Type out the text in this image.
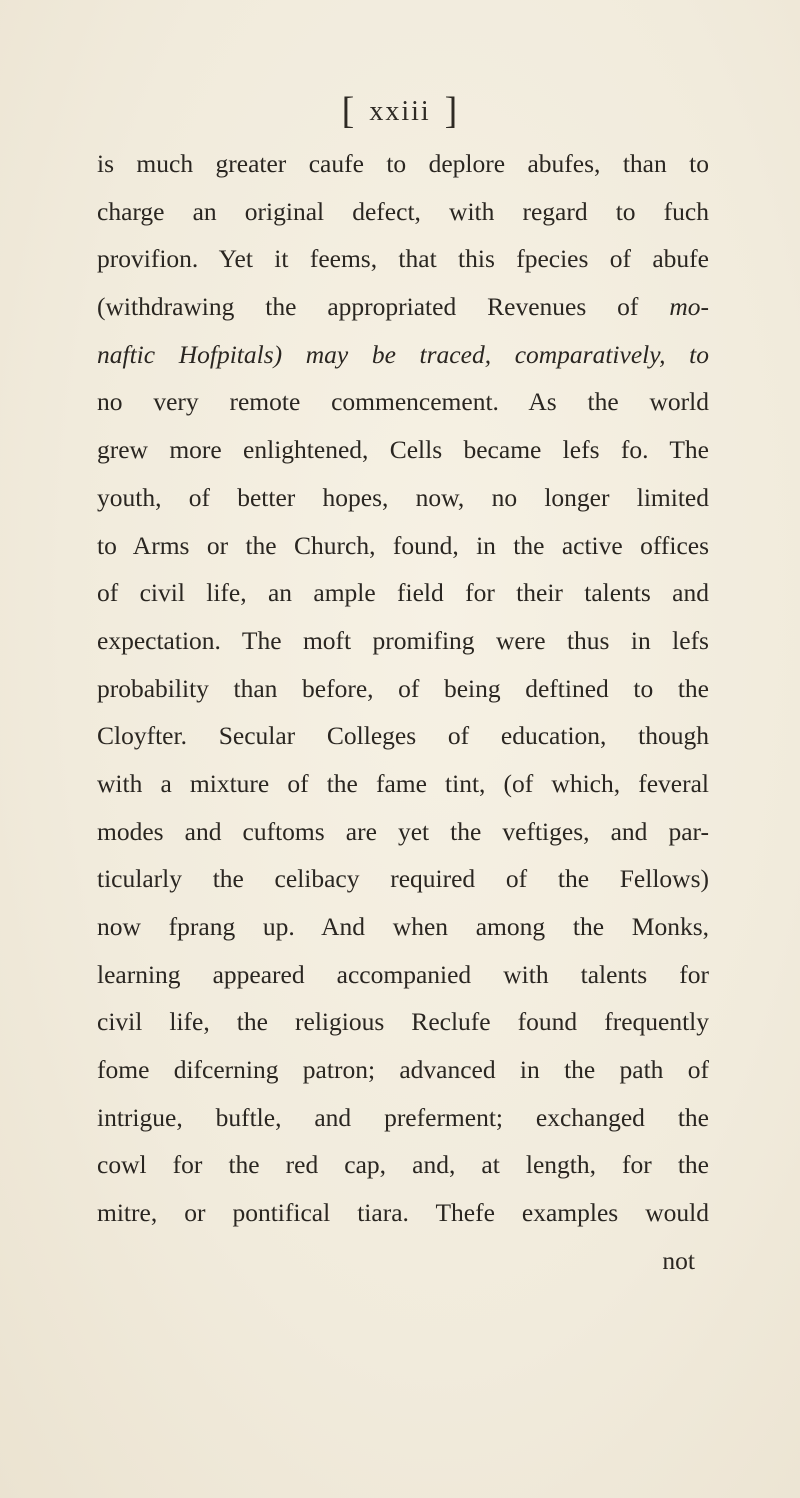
[ xxiii ]
is much greater caufe to deplore abufes, than to
charge an original defect, with regard to fuch
provifion. Yet it feems, that this fpecies of abufe
(withdrawing the appropriated Revenues of mo-
naftic Hofpitals) may be traced, comparatively, to
no very remote commencement. As the world
grew more enlightened, Cells became lefs fo. The
youth, of better hopes, now, no longer limited
to Arms or the Church, found, in the active offices
of civil life, an ample field for their talents and
expectation. The moft promifing were thus in lefs
probability than before, of being deftined to the
Cloyfter. Secular Colleges of education, though
with a mixture of the fame tint, (of which, feveral
modes and cuftoms are yet the veftiges, and par-
ticularly the celibacy required of the Fellows)
now fprang up. And when among the Monks,
learning appeared accompanied with talents for
civil life, the religious Reclufe found frequently
fome difcerning patron; advanced in the path of
intrigue, buftle, and preferment; exchanged the
cowl for the red cap, and, at length, for the
mitre, or pontifical tiara. Thefe examples would
not
